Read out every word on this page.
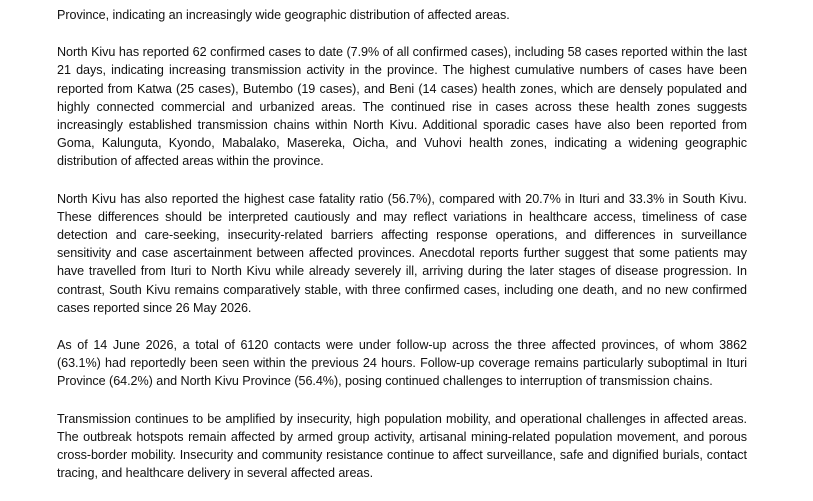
Province, indicating an increasingly wide geographic distribution of affected areas.

North Kivu has reported 62 confirmed cases to date (7.9% of all confirmed cases), including 58 cases reported within the last 21 days, indicating increasing transmission activity in the province. The highest cumulative numbers of cases have been reported from Katwa (25 cases), Butembo (19 cases), and Beni (14 cases) health zones, which are densely populated and highly connected commercial and urbanized areas. The continued rise in cases across these health zones suggests increasingly established transmission chains within North Kivu. Additional sporadic cases have also been reported from Goma, Kalunguta, Kyondo, Mabalako, Masereka, Oicha, and Vuhovi health zones, indicating a widening geographic distribution of affected areas within the province.

North Kivu has also reported the highest case fatality ratio (56.7%), compared with 20.7% in Ituri and 33.3% in South Kivu. These differences should be interpreted cautiously and may reflect variations in healthcare access, timeliness of case detection and care-seeking, insecurity-related barriers affecting response operations, and differences in surveillance sensitivity and case ascertainment between affected provinces. Anecdotal reports further suggest that some patients may have travelled from Ituri to North Kivu while already severely ill, arriving during the later stages of disease progression. In contrast, South Kivu remains comparatively stable, with three confirmed cases, including one death, and no new confirmed cases reported since 26 May 2026.

As of 14 June 2026, a total of 6120 contacts were under follow-up across the three affected provinces, of whom 3862 (63.1%) had reportedly been seen within the previous 24 hours. Follow-up coverage remains particularly suboptimal in Ituri Province (64.2%) and North Kivu Province (56.4%), posing continued challenges to interruption of transmission chains.

Transmission continues to be amplified by insecurity, high population mobility, and operational challenges in affected areas. The outbreak hotspots remain affected by armed group activity, artisanal mining-related population movement, and porous cross-border mobility. Insecurity and community resistance continue to affect surveillance, safe and dignified burials, contact tracing, and healthcare delivery in several affected areas.
